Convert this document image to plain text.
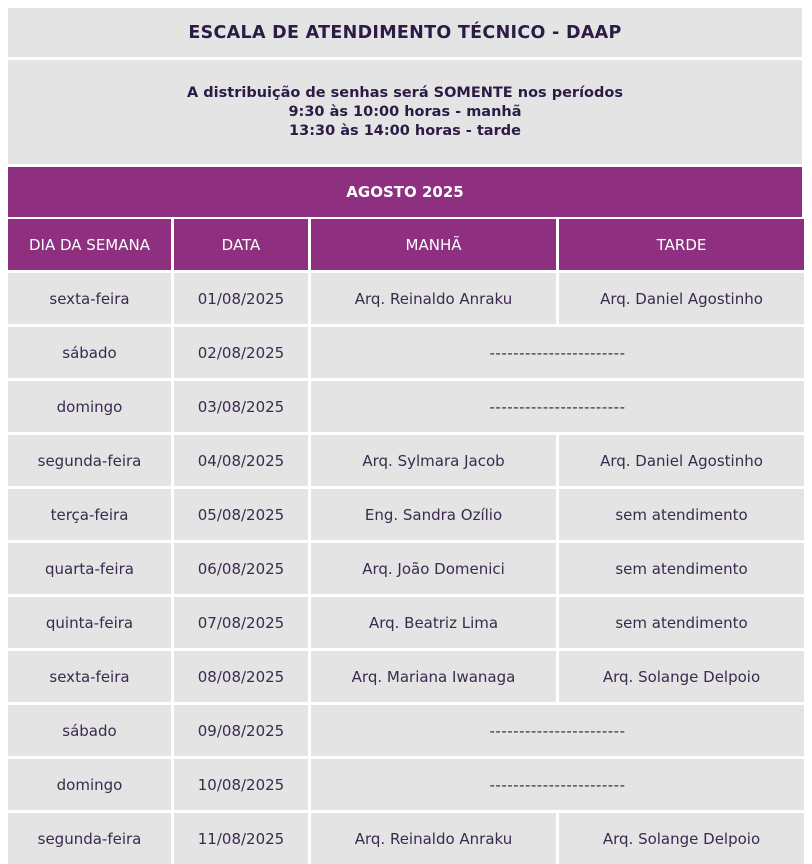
ESCALA DE ATENDIMENTO TÉCNICO - DAAP
A distribuição de senhas será SOMENTE nos períodos
9:30 às 10:00 horas - manhã
13:30 às 14:00 horas - tarde
AGOSTO 2025
DIA DA SEMANA	DATA	MANHÃ	TARDE
sexta-feira	01/08/2025	Arq. Reinaldo Anraku	Arq. Daniel Agostinho
sábado	02/08/2025	-----------------------
domingo	03/08/2025	-----------------------
segunda-feira	04/08/2025	Arq. Sylmara Jacob	Arq. Daniel Agostinho
terça-feira	05/08/2025	Eng. Sandra Ozílio	sem atendimento
quarta-feira	06/08/2025	Arq. João Domenici	sem atendimento
quinta-feira	07/08/2025	Arq. Beatriz Lima	sem atendimento
sexta-feira	08/08/2025	Arq. Mariana Iwanaga	Arq. Solange Delpoio
sábado	09/08/2025	-----------------------
domingo	10/08/2025	-----------------------
segunda-feira	11/08/2025	Arq. Reinaldo Anraku	Arq. Solange Delpoio
